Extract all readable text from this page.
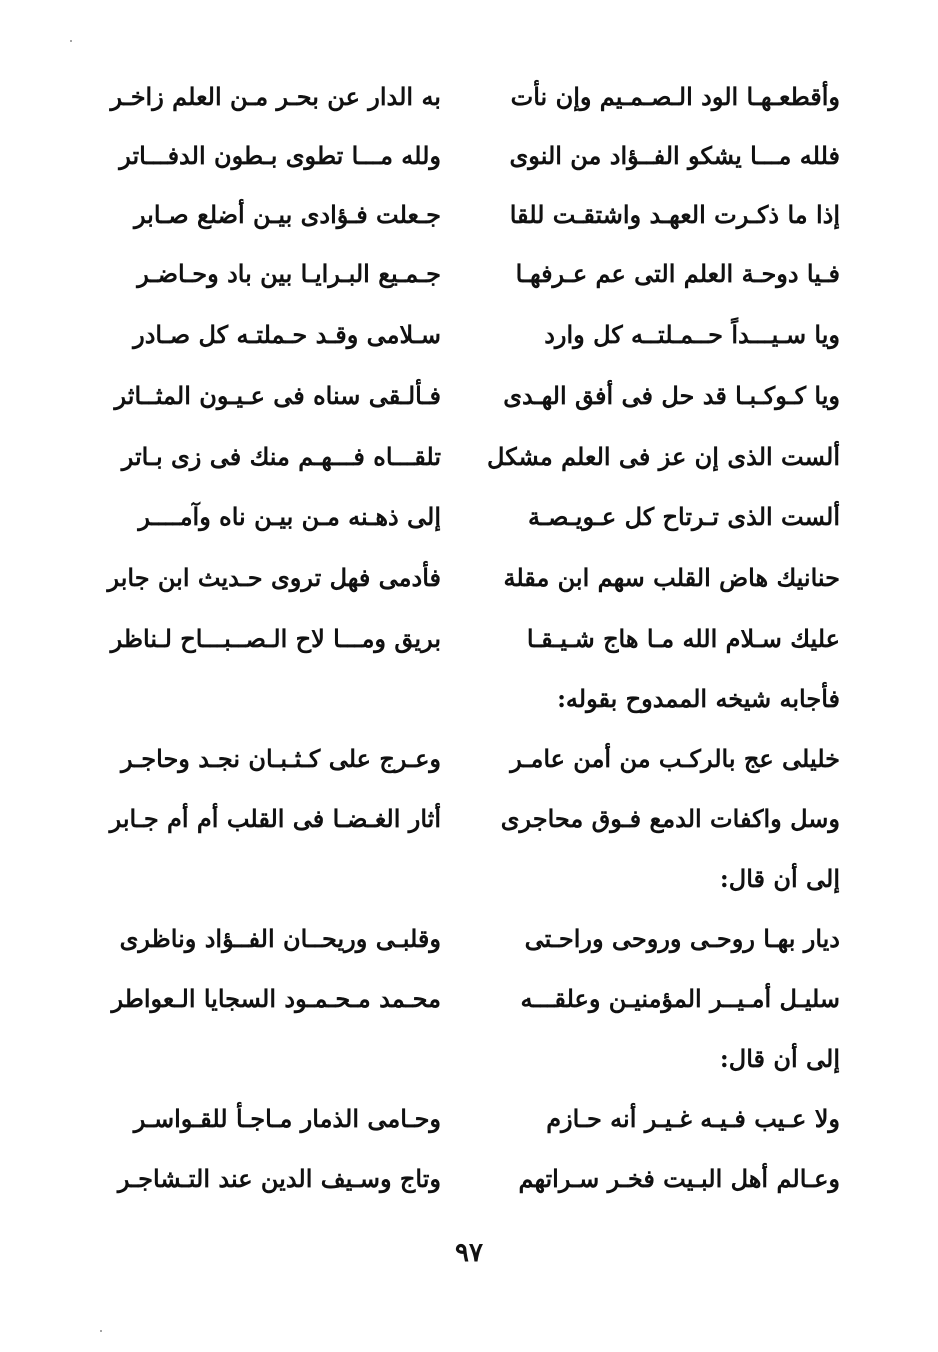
وأقطعـهـا الود الـصـمـيم وإن نأت
به الدار عن بحـر مـن العلم زاخـر
فلله مـــا يشكو الفــؤاد من النوى
ولله مـــا تطوى بـطون الدفـــاتر
إذا ما ذكـرت العهـد واشتقـت للقا
جـعلت فـؤادى بيـن أضلع صـابر
فـيا دوحـة العلم التى عم عـرفهـا
جـمـيع البـرايـا بين باد وحـاضـر
ويا سـيـــداً حــمـلتــه كل وارد
سـلامى وقـد حـملتـه كل صـادر
ويا كـوكـبـا قد حل فى أفق الهـدى
فـألـقى سناه فى عـيـون المثــاثر
ألست الذى إن عز فى العلم مشكل
تلقـــاه فـــهـم منك فى زى بـاتر
ألست الذى تـرتاح كل عـويـصـة
إلى ذهـنه مـن بيـن ناه وآمــــر
حنانيك هاض القلب سهم ابن مقلة
فأدمى فهل تروى حـديث ابن جابر
عليك سـلام الله مـا هاج شـيـقـا
بريق ومـــا لاح الـصــبـــاح لـناظر
فأجابه شيخه الممدوح بقوله:
خليلى عج بالركـب من أمن عامـر
وعـرج على كـثـبـان نجـد وحاجـر
وسل واكفات الدمع فـوق محاجرى
أثار الغـضـا فى القلب أم أم جـابر
إلى أن قال:
ديار بهـا روحـى وروحى وراحـتى
وقلبـى وريحــان الفــؤاد وناظرى
سليـل أمـيــر المؤمنيـن وعلقـــه
محـمد مـحـمـود السجايا الـعواطر
إلى أن قال:
ولا عـيب فـيـه غـيـر أنه حـازم
وحـامى الذمار مـاجـأ للقـواسـر
وعـالم أهل البـيت فخـر سـراتهم
وتاج وسـيف الدين عند التـشاجـر
٩٧
